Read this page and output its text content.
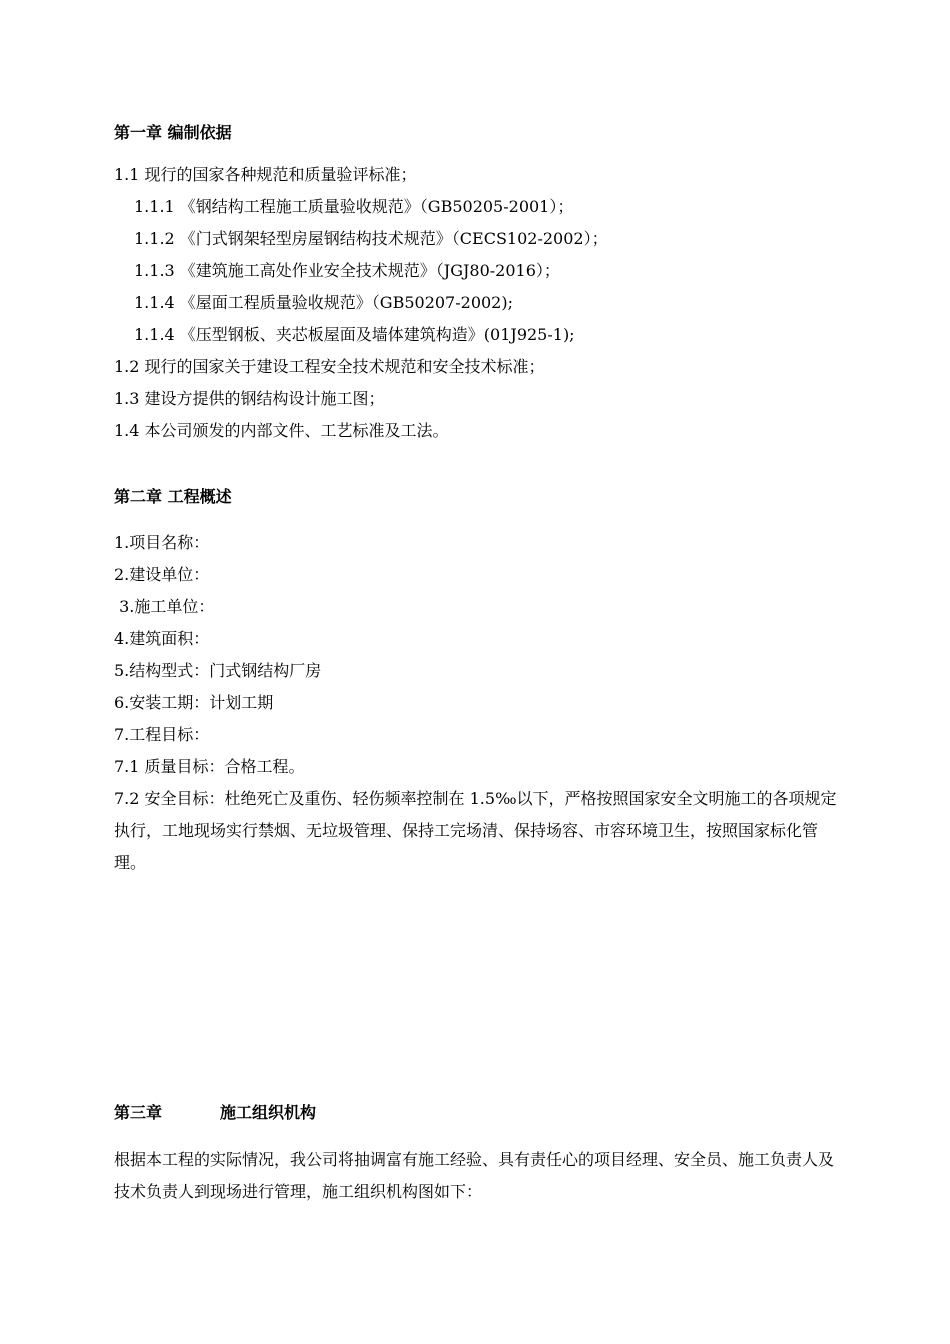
第一章 编制依据
1.1 现行的国家各种规范和质量验评标准；
1.1.1 《钢结构工程施工质量验收规范》（GB50205-2001）；
1.1.2 《门式钢架轻型房屋钢结构技术规范》（CECS102-2002）；
1.1.3 《建筑施工高处作业安全技术规范》（JGJ80-2016）；
1.1.4 《屋面工程质量验收规范》（GB50207-2002);
1.1.4 《压型钢板、夹芯板屋面及墙体建筑构造》(01J925-1);
1.2 现行的国家关于建设工程安全技术规范和安全技术标准；
1.3 建设方提供的钢结构设计施工图；
1.4 本公司颁发的内部文件、工艺标准及工法。
第二章 工程概述
1.项目名称：
2.建设单位：
3.施工单位：
4.建筑面积：
5.结构型式：门式钢结构厂房
6.安装工期：计划工期
7.工程目标：
7.1 质量目标：合格工程。
7.2 安全目标：杜绝死亡及重伤、轻伤频率控制在 1.5‰以下，严格按照国家安全文明施工的各项规定执行，工地现场实行禁烟、无垃圾管理、保持工完场清、保持场容、市容环境卫生，按照国家标化管理。
第三章	施工组织机构
根据本工程的实际情况，我公司将抽调富有施工经验、具有责任心的项目经理、安全员、施工负责人及技术负责人到现场进行管理，施工组织机构图如下：
